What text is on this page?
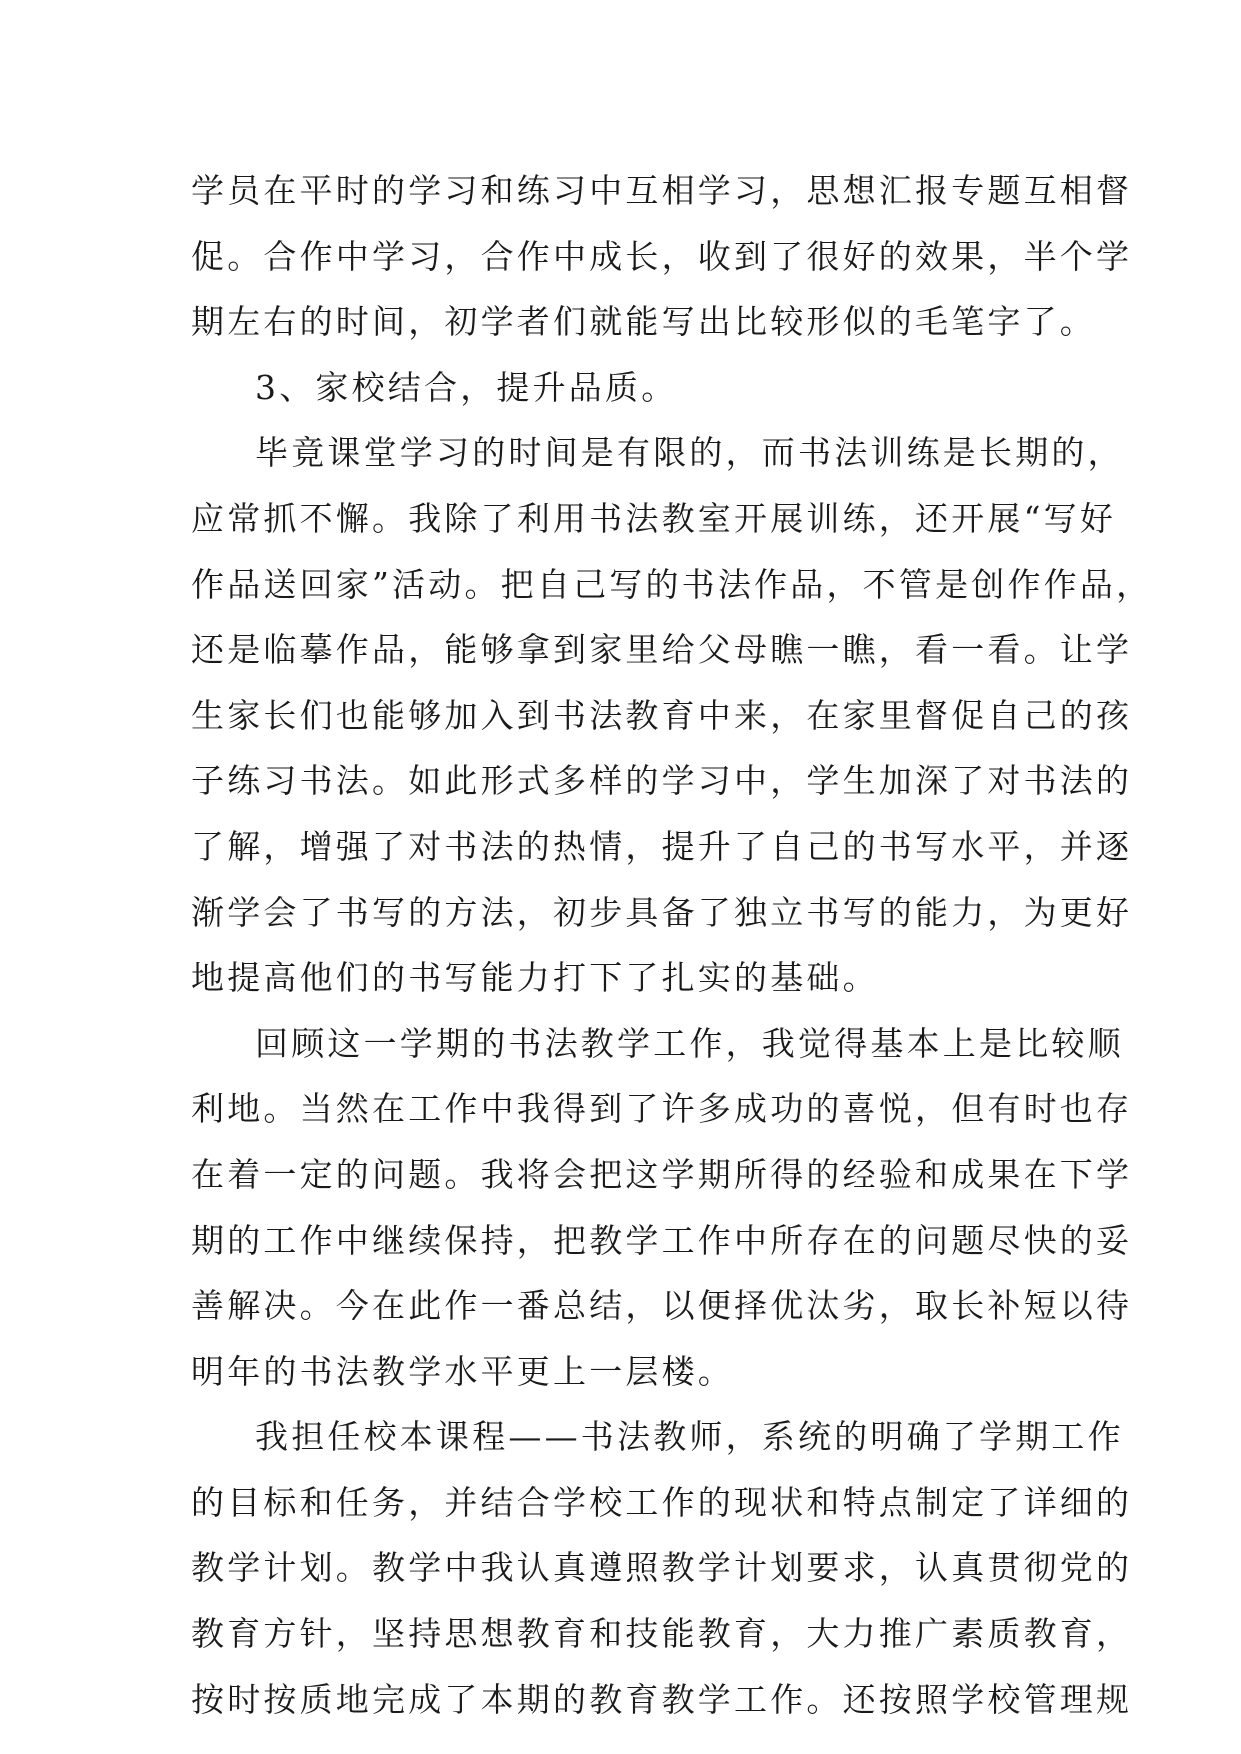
学员在平时的学习和练习中互相学习，思想汇报专题互相督
促。合作中学习，合作中成长，收到了很好的效果，半个学
期左右的时间，初学者们就能写出比较形似的毛笔字了。
3、家校结合，提升品质。
毕竟课堂学习的时间是有限的，而书法训练是长期的，
应常抓不懈。我除了利用书法教室开展训练，还开展“写好
作品送回家”活动。把自己写的书法作品，不管是创作作品，
还是临摹作品，能够拿到家里给父母瞧一瞧，看一看。让学
生家长们也能够加入到书法教育中来，在家里督促自己的孩
子练习书法。如此形式多样的学习中，学生加深了对书法的
了解，增强了对书法的热情，提升了自己的书写水平，并逐
渐学会了书写的方法，初步具备了独立书写的能力，为更好
地提高他们的书写能力打下了扎实的基础。
回顾这一学期的书法教学工作，我觉得基本上是比较顺
利地。当然在工作中我得到了许多成功的喜悦，但有时也存
在着一定的问题。我将会把这学期所得的经验和成果在下学
期的工作中继续保持，把教学工作中所存在的问题尽快的妥
善解决。今在此作一番总结，以便择优汰劣，取长补短以待
明年的书法教学水平更上一层楼。
我担任校本课程——书法教师，系统的明确了学期工作
的目标和任务，并结合学校工作的现状和特点制定了详细的
教学计划。教学中我认真遵照教学计划要求，认真贯彻党的
教育方针，坚持思想教育和技能教育，大力推广素质教育，
按时按质地完成了本期的教育教学工作。还按照学校管理规
